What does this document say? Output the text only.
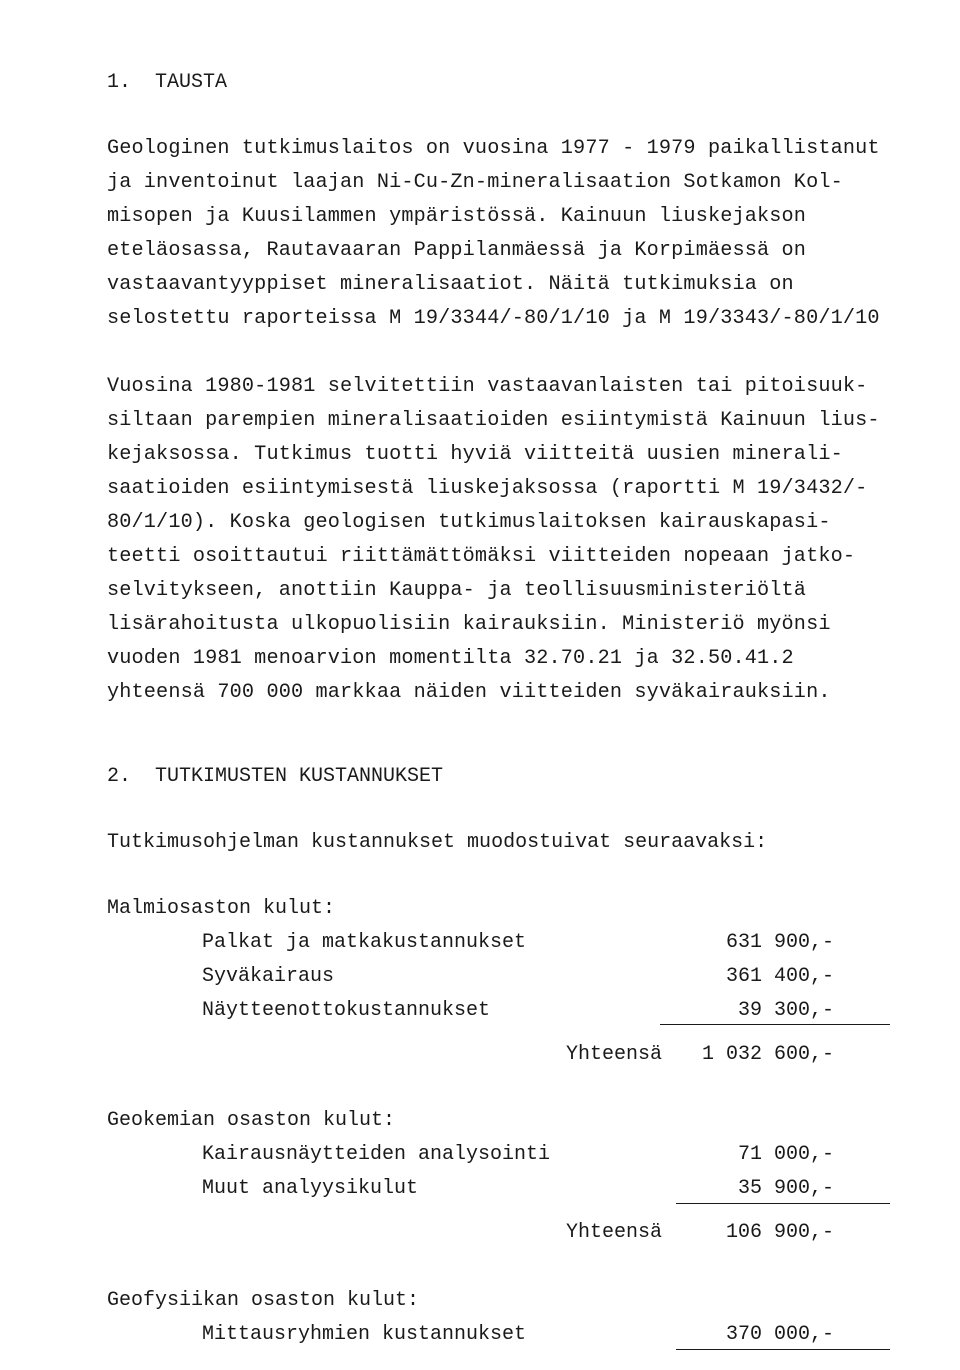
1.  TAUSTA
Geologinen tutkimuslaitos on vuosina 1977 - 1979 paikallistanut
ja inventoinut laajan Ni-Cu-Zn-mineralisaation Sotkamon Kol-
misopen ja Kuusilammen ympäristössä. Kainuun liuskejakson
eteläosassa, Rautavaaran Pappilanmäessä ja Korpimäessä on
vastaavantyyppiset mineralisaatiot. Näitä tutkimuksia on
selostettu raporteissa M 19/3344/-80/1/10 ja M 19/3343/-80/1/10
Vuosina 1980-1981 selvitettiin vastaavanlaisten tai pitoisuuk-
siltaan parempien mineralisaatioiden esiintymistä Kainuun lius-
kejaksossa. Tutkimus tuotti hyviä viitteitä uusien minerali-
saatioiden esiintymisestä liuskejaksossa (raportti M 19/3432/-
80/1/10). Koska geologisen tutkimuslaitoksen kairauskapasi-
teetti osoittautui riittämättömäksi viitteiden nopeaan jatko-
selvitykseen, anottiin Kauppa- ja teollisuusministeriöltä
lisärahoitusta ulkopuolisiin kairauksiin. Ministeriö myönsi
vuoden 1981 menoarvion momentilta 32.70.21 ja 32.50.41.2
yhteensä 700 000 markkaa näiden viitteiden syväkairauksiin.
2.  TUTKIMUSTEN KUSTANNUKSET
Tutkimusohjelman kustannukset muodostuivat seuraavaksi:
Malmiosaston kulut:
Palkat ja matkakustannukset	631 900,-
Syväkairaus	361 400,-
Näytteenottokustannukset	39 300,-
Yhteensä	1 032 600,-
Geokemian osaston kulut:
Kairausnäytteiden analysointi	71 000,-
Muut analyysikulut	35 900,-
Yhteensä	106 900,-
Geofysiikan osaston kulut:
Mittausryhmien kustannukset	370 000,-
